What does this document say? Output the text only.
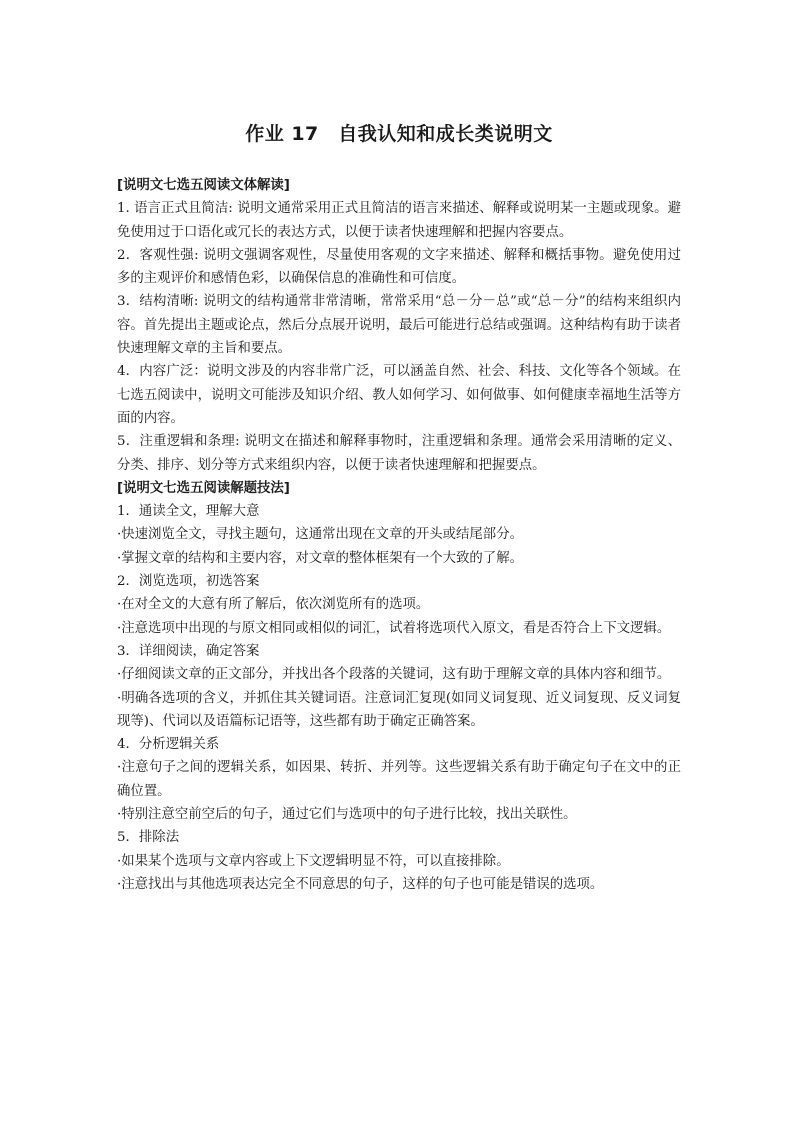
作业 17　自我认知和成长类说明文

[说明文七选五阅读文体解读]

1. 语言正式且简洁: 说明文通常采用正式且简洁的语言来描述、解释或说明某一主题或现象。避免使用过于口语化或冗长的表达方式，以便于读者快速理解和把握内容要点。

2．客观性强: 说明文强调客观性，尽量使用客观的文字来描述、解释和概括事物。避免使用过多的主观评价和感情色彩，以确保信息的准确性和可信度。

3．结构清晰: 说明文的结构通常非常清晰，常常采用“总－分－总”或“总－分”的结构来组织内容。首先提出主题或论点，然后分点展开说明，最后可能进行总结或强调。这种结构有助于读者快速理解文章的主旨和要点。

4．内容广泛：说明文涉及的内容非常广泛，可以涵盖自然、社会、科技、文化等各个领域。在七选五阅读中，说明文可能涉及知识介绍、教人如何学习、如何做事、如何健康幸福地生活等方面的内容。

5．注重逻辑和条理: 说明文在描述和解释事物时，注重逻辑和条理。通常会采用清晰的定义、分类、排序、划分等方式来组织内容，以便于读者快速理解和把握要点。

[说明文七选五阅读解题技法]

1．通读全文，理解大意

·快速浏览全文，寻找主题句，这通常出现在文章的开头或结尾部分。

·掌握文章的结构和主要内容，对文章的整体框架有一个大致的了解。

2．浏览选项，初选答案

·在对全文的大意有所了解后，依次浏览所有的选项。

·注意选项中出现的与原文相同或相似的词汇，试着将选项代入原文，看是否符合上下文逻辑。

3．详细阅读，确定答案

·仔细阅读文章的正文部分，并找出各个段落的关键词，这有助于理解文章的具体内容和细节。

·明确各选项的含义，并抓住其关键词语。注意词汇复现(如同义词复现、近义词复现、反义词复现等)、代词以及语篇标记语等，这些都有助于确定正确答案。

4．分析逻辑关系

·注意句子之间的逻辑关系，如因果、转折、并列等。这些逻辑关系有助于确定句子在文中的正确位置。

·特别注意空前空后的句子，通过它们与选项中的句子进行比较，找出关联性。

5．排除法

·如果某个选项与文章内容或上下文逻辑明显不符，可以直接排除。

·注意找出与其他选项表达完全不同意思的句子，这样的句子也可能是错误的选项。
